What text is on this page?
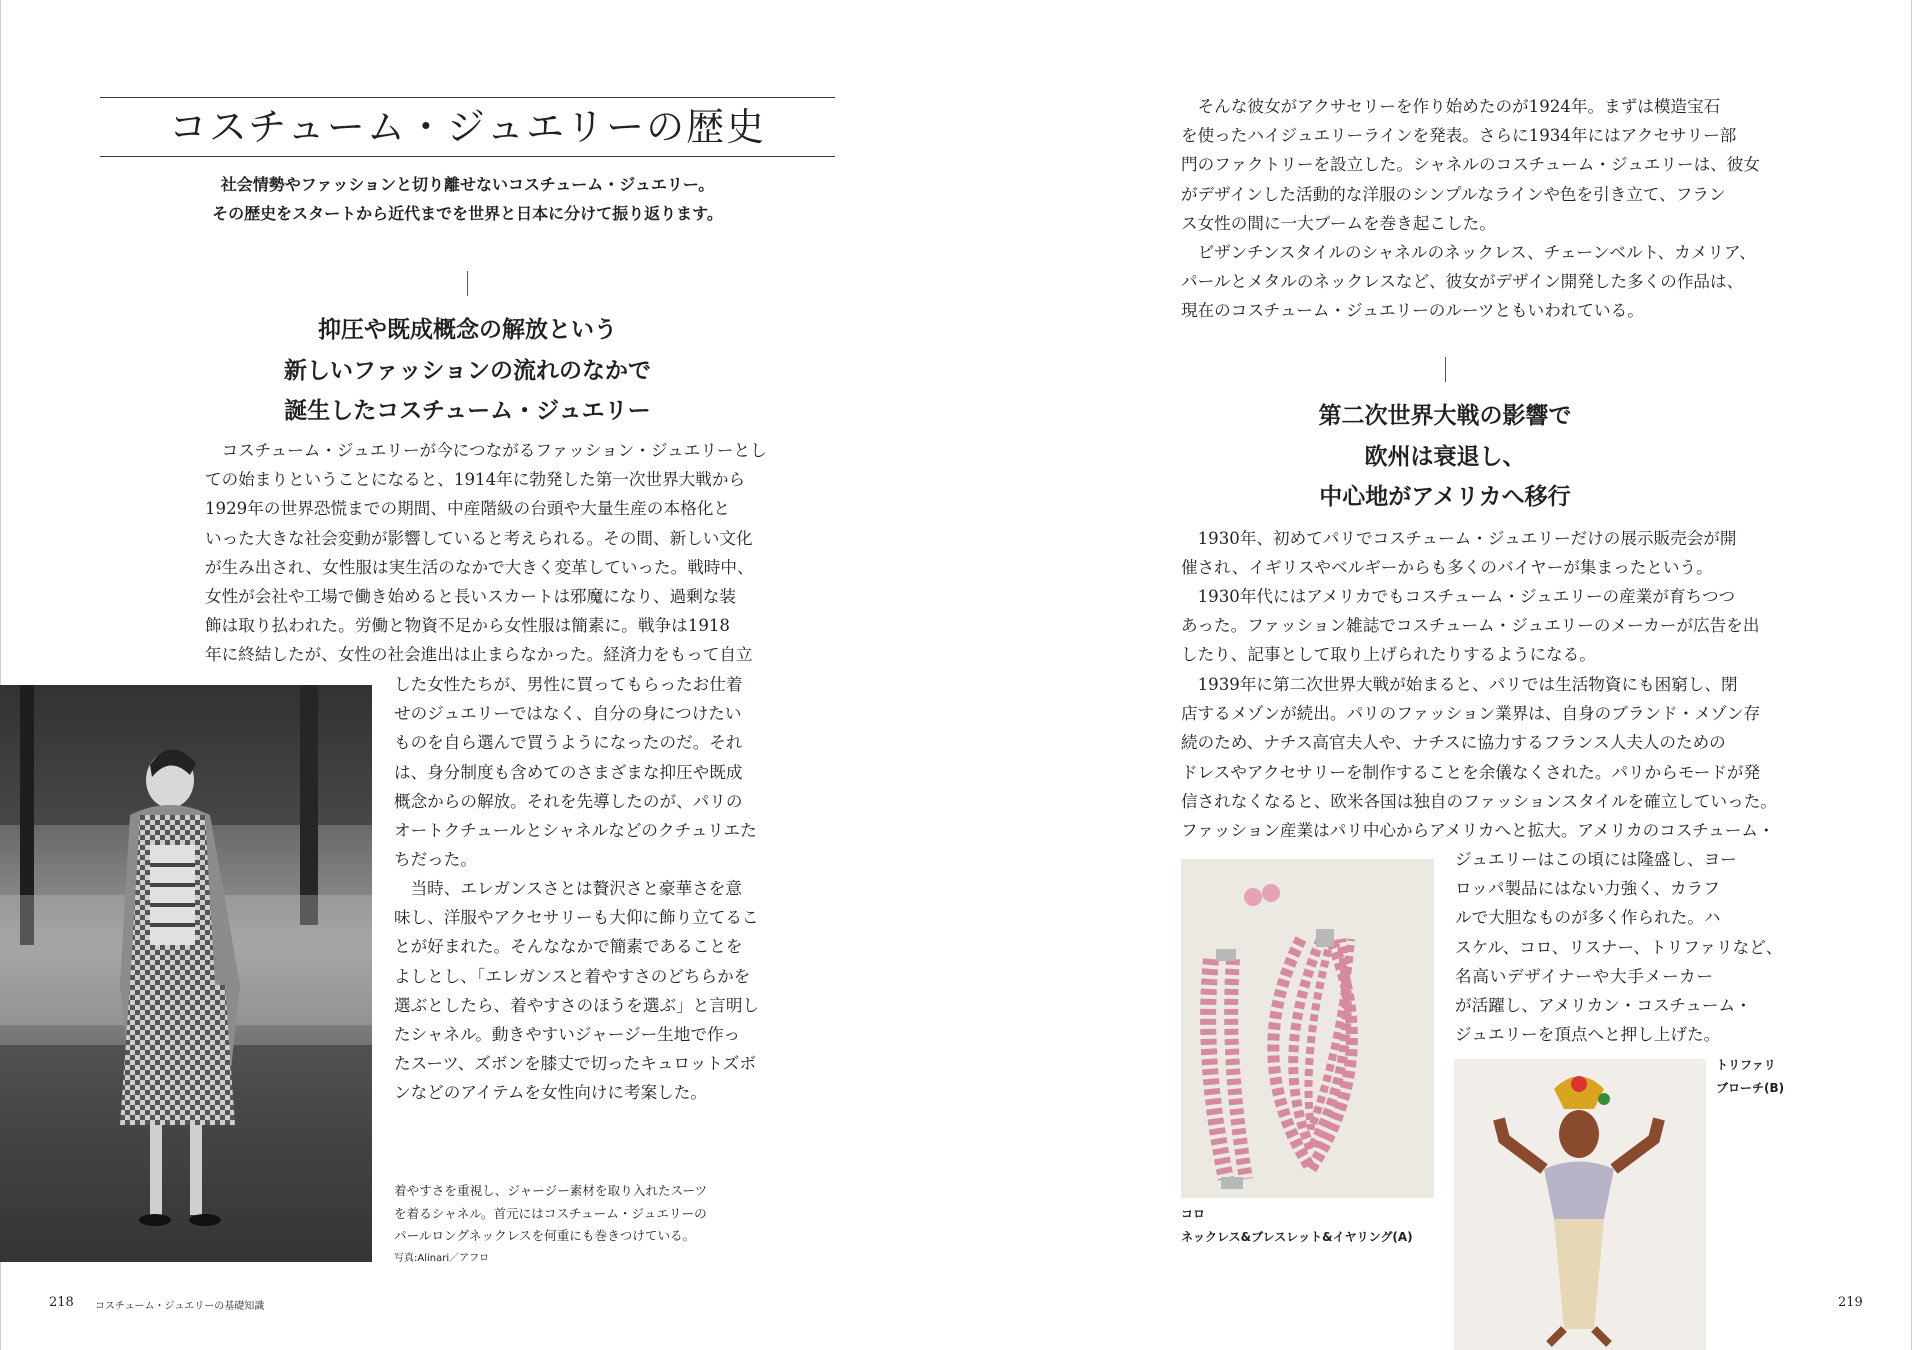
コスチューム・ジュエリーの歴史
社会情勢やファッションと切り離せないコスチューム・ジュエリー。
その歴史をスタートから近代までを世界と日本に分けて振り返ります。
抑圧や既成概念の解放という
新しいファッションの流れのなかで
誕生したコスチューム・ジュエリー
コスチューム・ジュエリーが今につながるファッション・ジュエリーとし
ての始まりということになると、1914年に勃発した第一次世界大戦から
1929年の世界恐慌までの期間、中産階級の台頭や大量生産の本格化と
いった大きな社会変動が影響していると考えられる。その間、新しい文化
が生み出され、女性服は実生活のなかで大きく変革していった。戦時中、
女性が会社や工場で働き始めると長いスカートは邪魔になり、過剰な装
飾は取り払われた。労働と物資不足から女性服は簡素に。戦争は1918
年に終結したが、女性の社会進出は止まらなかった。経済力をもって自立
した女性たちが、男性に買ってもらったお仕着
せのジュエリーではなく、自分の身につけたい
ものを自ら選んで買うようになったのだ。それ
は、身分制度も含めてのさまざまな抑圧や既成
概念からの解放。それを先導したのが、パリの
オートクチュールとシャネルなどのクチュリエた
ちだった。
当時、エレガンスさとは贅沢さと豪華さを意
味し、洋服やアクセサリーも大仰に飾り立てるこ
とが好まれた。そんななかで簡素であることを
よしとし、「エレガンスと着やすさのどちらかを
選ぶとしたら、着やすさのほうを選ぶ」と言明し
たシャネル。動きやすいジャージー生地で作っ
たスーツ、ズボンを膝丈で切ったキュロットズボ
ンなどのアイテムを女性向けに考案した。
着やすさを重視し、ジャージー素材を取り入れたスーツ
を着るシャネル。首元にはコスチューム・ジュエリーの
パールロングネックレスを何重にも巻きつけている。
写真:Alinari／アフロ
218 コスチューム・ジュエリーの基礎知識
そんな彼女がアクサセリーを作り始めたのが1924年。まずは模造宝石
を使ったハイジュエリーラインを発表。さらに1934年にはアクセサリー部
門のファクトリーを設立した。シャネルのコスチューム・ジュエリーは、彼女
がデザインした活動的な洋服のシンプルなラインや色を引き立て、フラン
ス女性の間に一大ブームを巻き起こした。
ビザンチンスタイルのシャネルのネックレス、チェーンベルト、カメリア、
パールとメタルのネックレスなど、彼女がデザイン開発した多くの作品は、
現在のコスチューム・ジュエリーのルーツともいわれている。
第二次世界大戦の影響で
欧州は衰退し、
中心地がアメリカへ移行
1930年、初めてパリでコスチューム・ジュエリーだけの展示販売会が開
催され、イギリスやベルギーからも多くのバイヤーが集まったという。
1930年代にはアメリカでもコスチューム・ジュエリーの産業が育ちつつ
あった。ファッション雑誌でコスチューム・ジュエリーのメーカーが広告を出
したり、記事として取り上げられたりするようになる。
1939年に第二次世界大戦が始まると、パリでは生活物資にも困窮し、閉
店するメゾンが続出。パリのファッション業界は、自身のブランド・メゾン存
続のため、ナチス高官夫人や、ナチスに協力するフランス人夫人のための
ドレスやアクセサリーを制作することを余儀なくされた。パリからモードが発
信されなくなると、欧米各国は独自のファッションスタイルを確立していった。
ファッション産業はパリ中心からアメリカへと拡大。アメリカのコスチューム・
ジュエリーはこの頃には隆盛し、ヨー
ロッパ製品にはない力強く、カラフ
ルで大胆なものが多く作られた。ハ
スケル、コロ、リスナー、トリファリなど、
名高いデザイナーや大手メーカー
が活躍し、アメリカン・コスチューム・
ジュエリーを頂点へと押し上げた。
コロ
ネックレス&ブレスレット&イヤリング(A)
トリファリ
ブローチ(B)
219
